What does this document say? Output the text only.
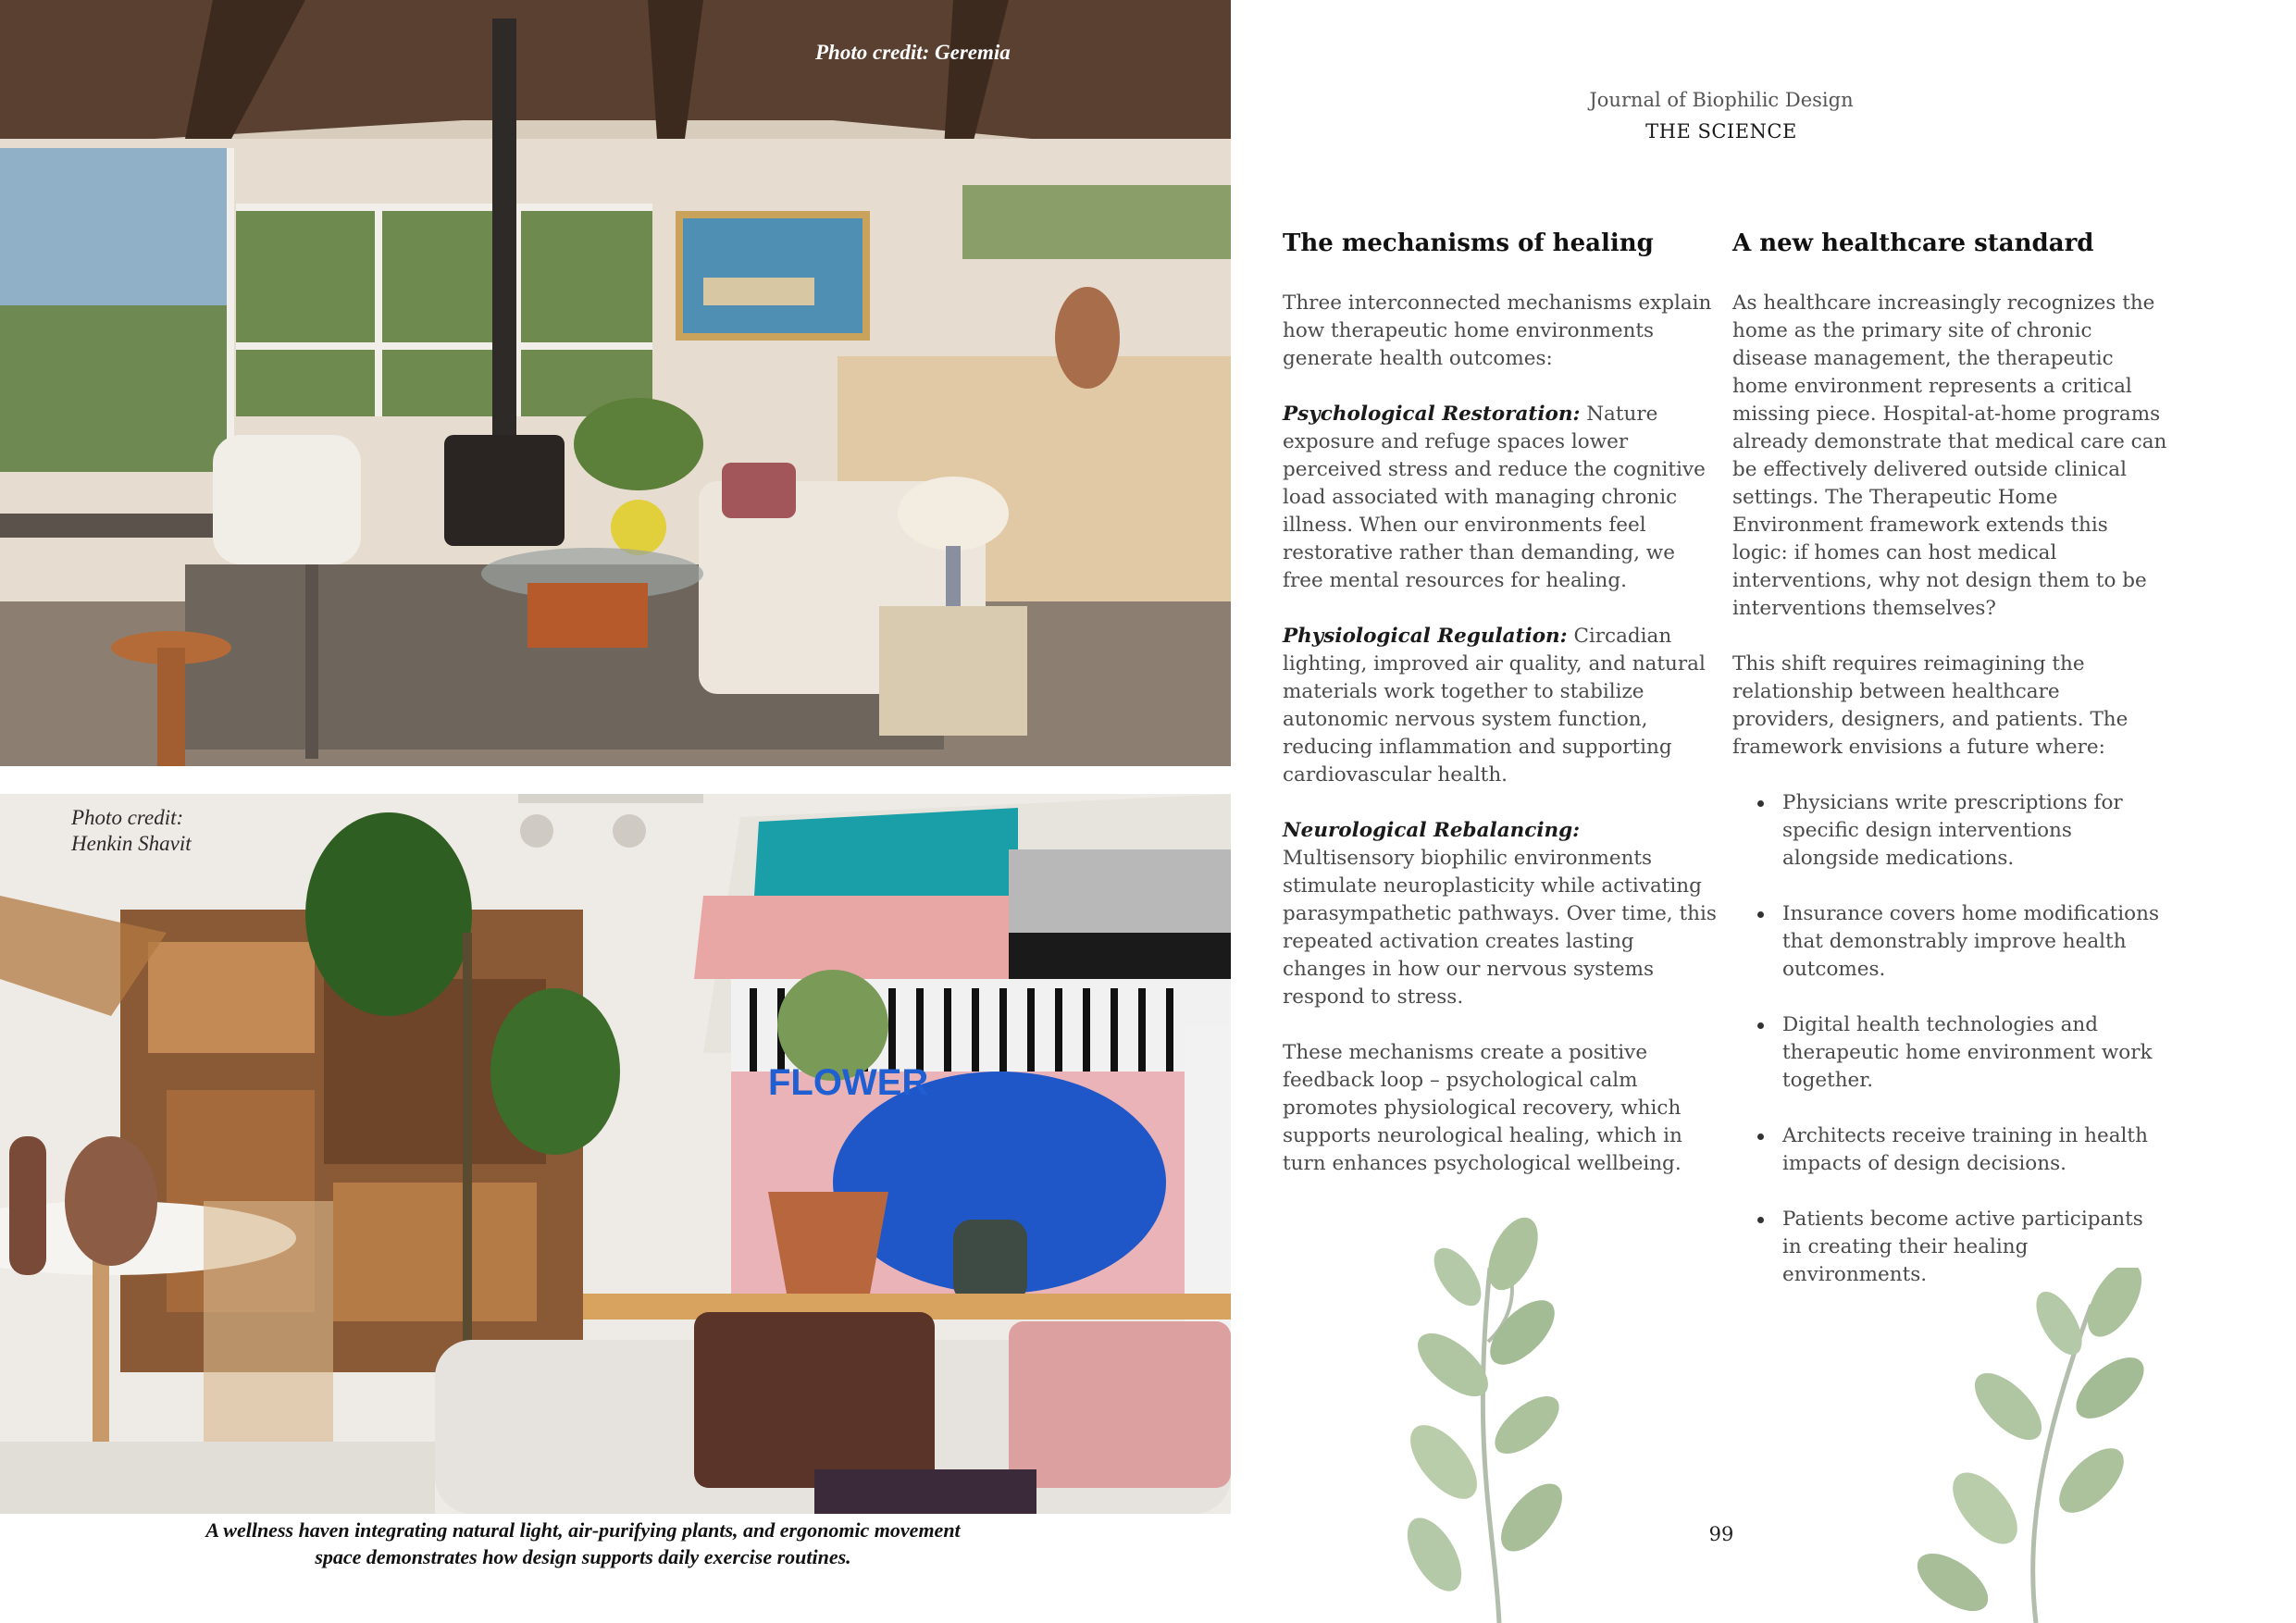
Photo credit: Geremia
FLOWER
Photo credit:
Henkin Shavit
A wellness haven integrating natural light, air-purifying plants, and ergonomic movement
space demonstrates how design supports daily exercise routines.
Journal of Biophilic Design
THE SCIENCE
The mechanisms of healing

Three interconnected mechanisms explain how therapeutic home environments generate health outcomes:

Psychological Restoration: Nature exposure and refuge spaces lower perceived stress and reduce the cognitive load associated with managing chronic illness. When our environments feel restorative rather than demanding, we free mental resources for healing.

Physiological Regulation: Circadian lighting, improved air quality, and natural materials work together to stabilize autonomic nervous system function, reducing inflammation and supporting cardiovascular health.

Neurological Rebalancing: Multisensory biophilic environments stimulate neuroplasticity while activating parasympathetic pathways. Over time, this repeated activation creates lasting changes in how our nervous systems respond to stress.

These mechanisms create a positive feedback loop – psychological calm promotes physiological recovery, which supports neurological healing, which in turn enhances psychological wellbeing.

A new healthcare standard

As healthcare increasingly recognizes the home as the primary site of chronic disease management, the therapeutic home environment represents a critical missing piece. Hospital-at-home programs already demonstrate that medical care can be effectively delivered outside clinical settings. The Therapeutic Home Environment framework extends this logic: if homes can host medical interventions, why not design them to be interventions themselves?

This shift requires reimagining the relationship between healthcare providers, designers, and patients. The framework envisions a future where:

Physicians write prescriptions for specific design interventions alongside medications.
Insurance covers home modifications that demonstrably improve health outcomes.
Digital health technologies and therapeutic home environment work together.
Architects receive training in health impacts of design decisions.
Patients become active participants in creating their healing environments.
99
